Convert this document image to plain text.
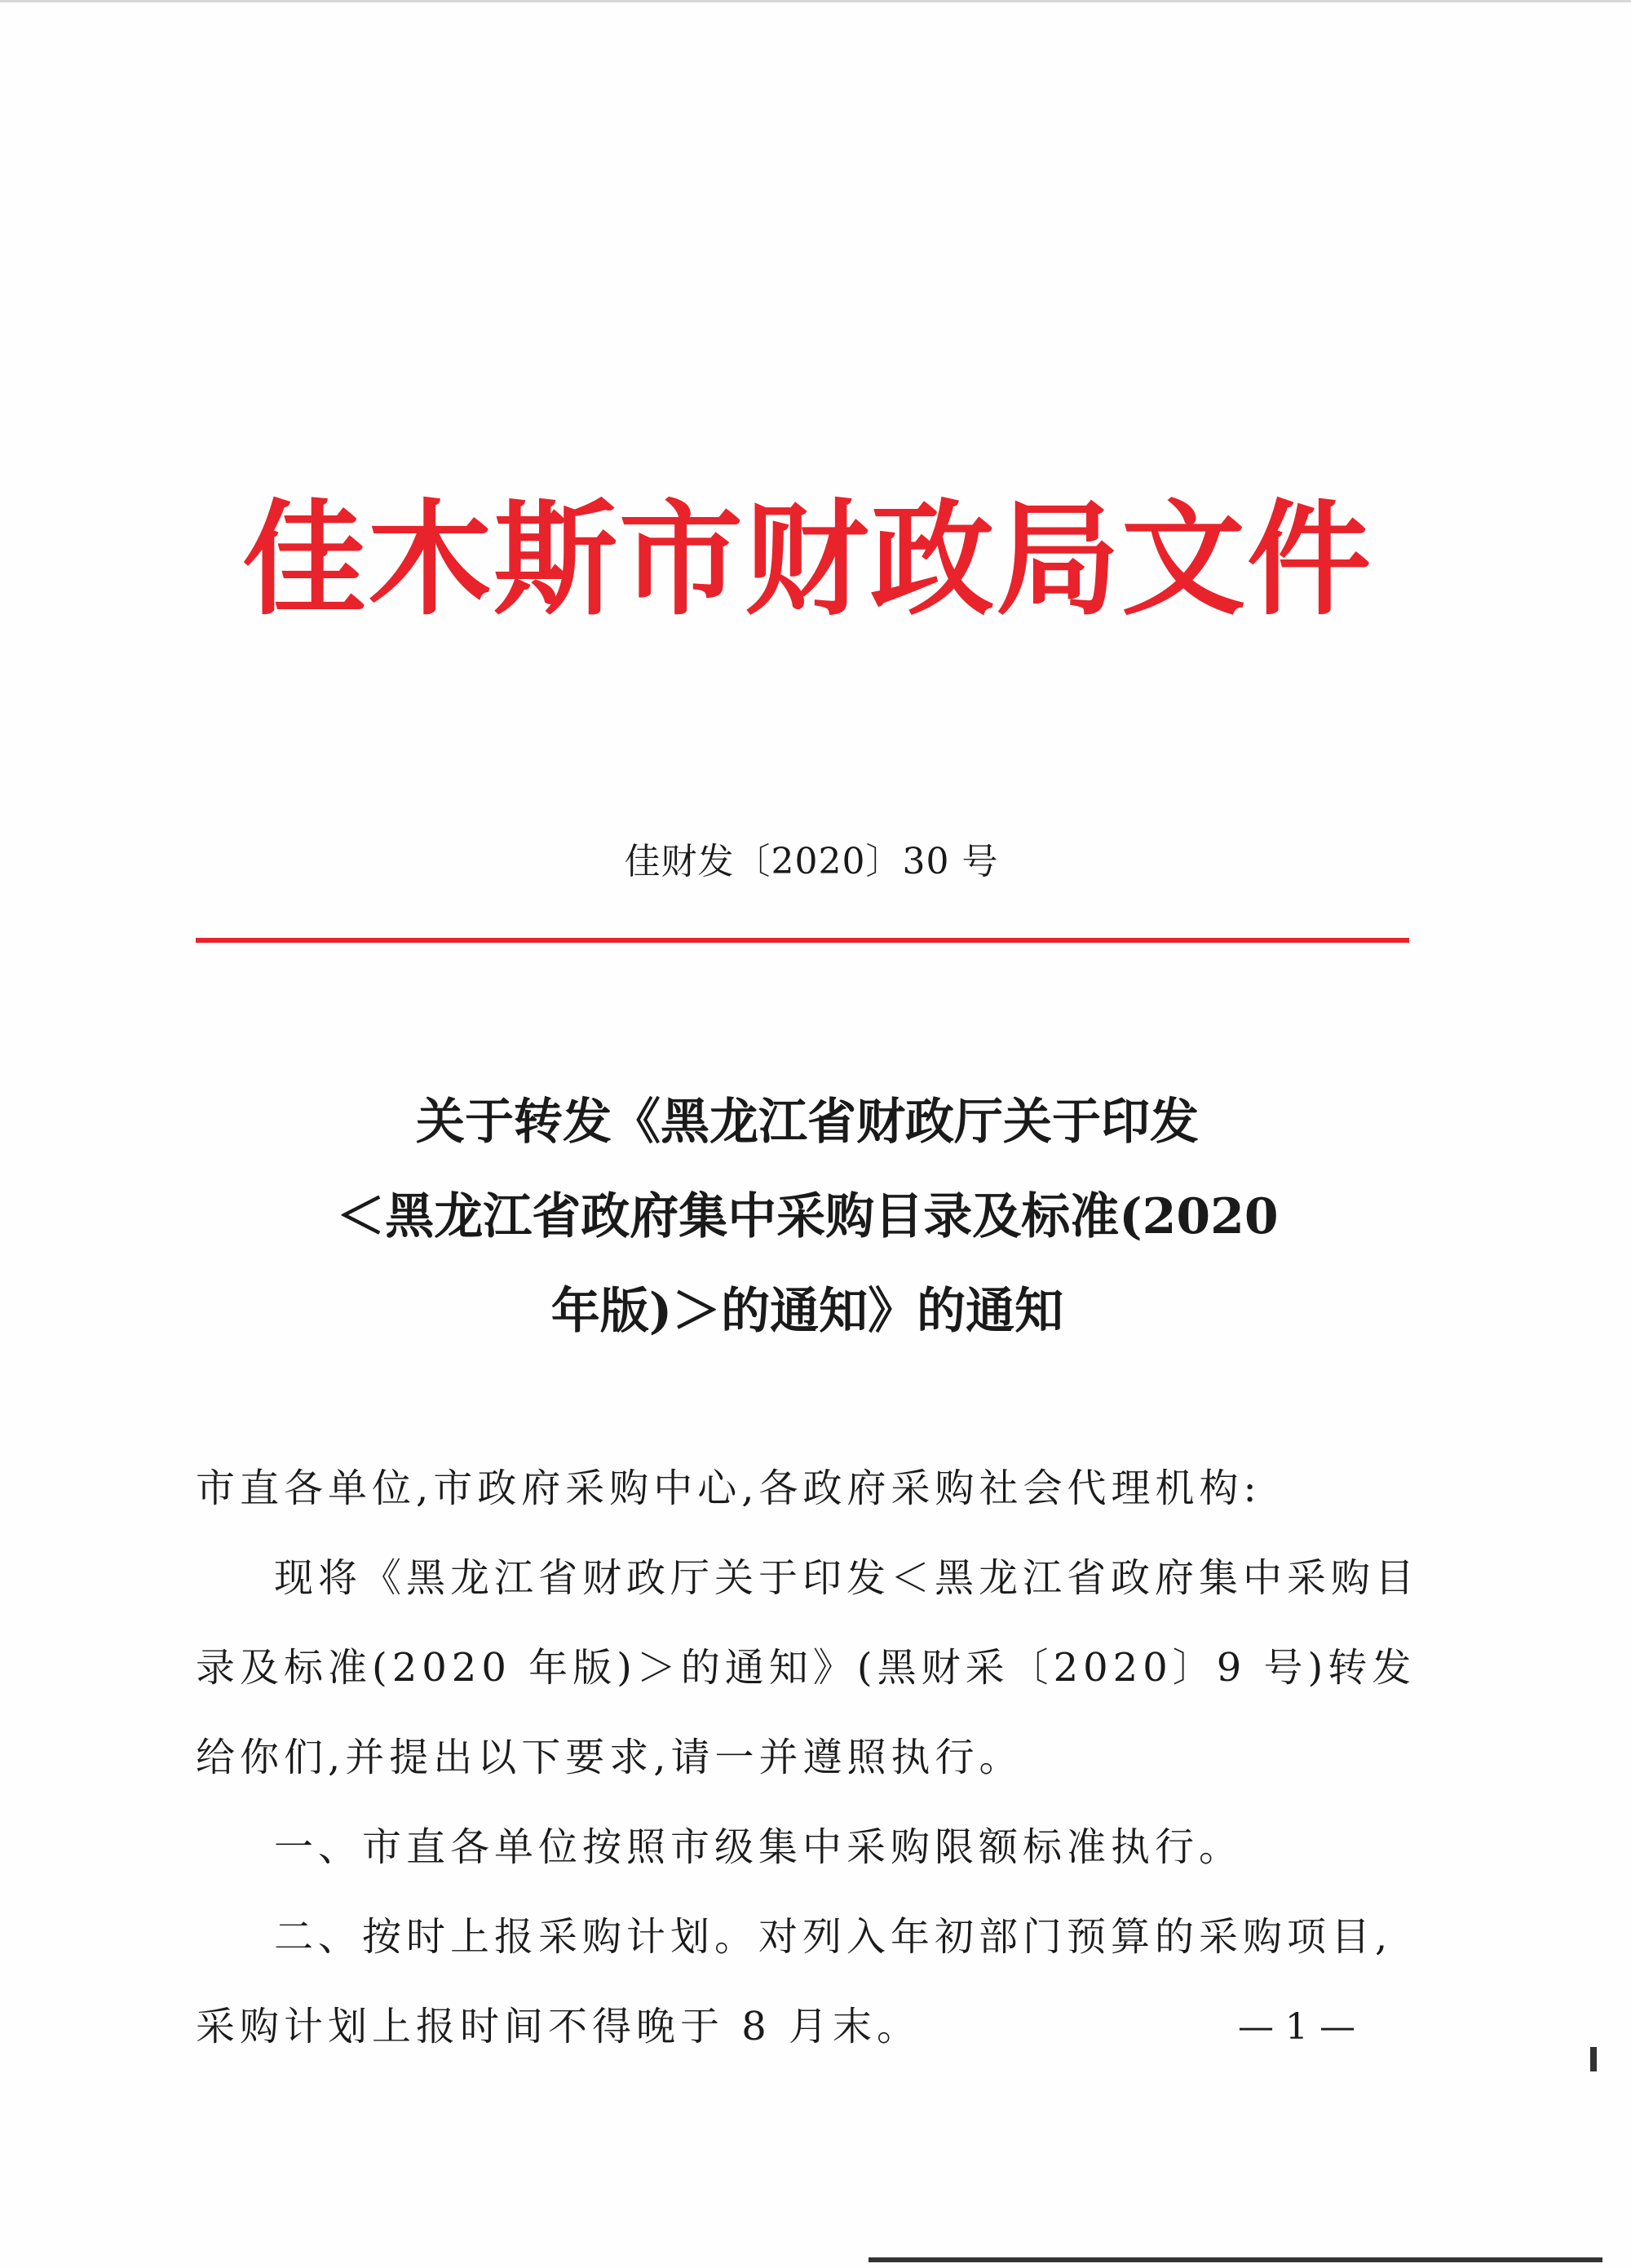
佳木斯市财政局文件
佳财发〔2020〕30 号
关于转发《黑龙江省财政厅关于印发
＜黑龙江省政府集中采购目录及标准(2020
年版)＞的通知》的通知

市直各单位,市政府采购中心,各政府采购社会代理机构:

现将《黑龙江省财政厅关于印发＜黑龙江省政府集中采购目录及标准(2020 年版)＞的通知》(黑财采〔2020〕9 号)转发给你们,并提出以下要求,请一并遵照执行。

一、市直各单位按照市级集中采购限额标准执行。

二、按时上报采购计划。对列入年初部门预算的采购项目,采购计划上报时间不得晚于 8 月末。	— 1 —
